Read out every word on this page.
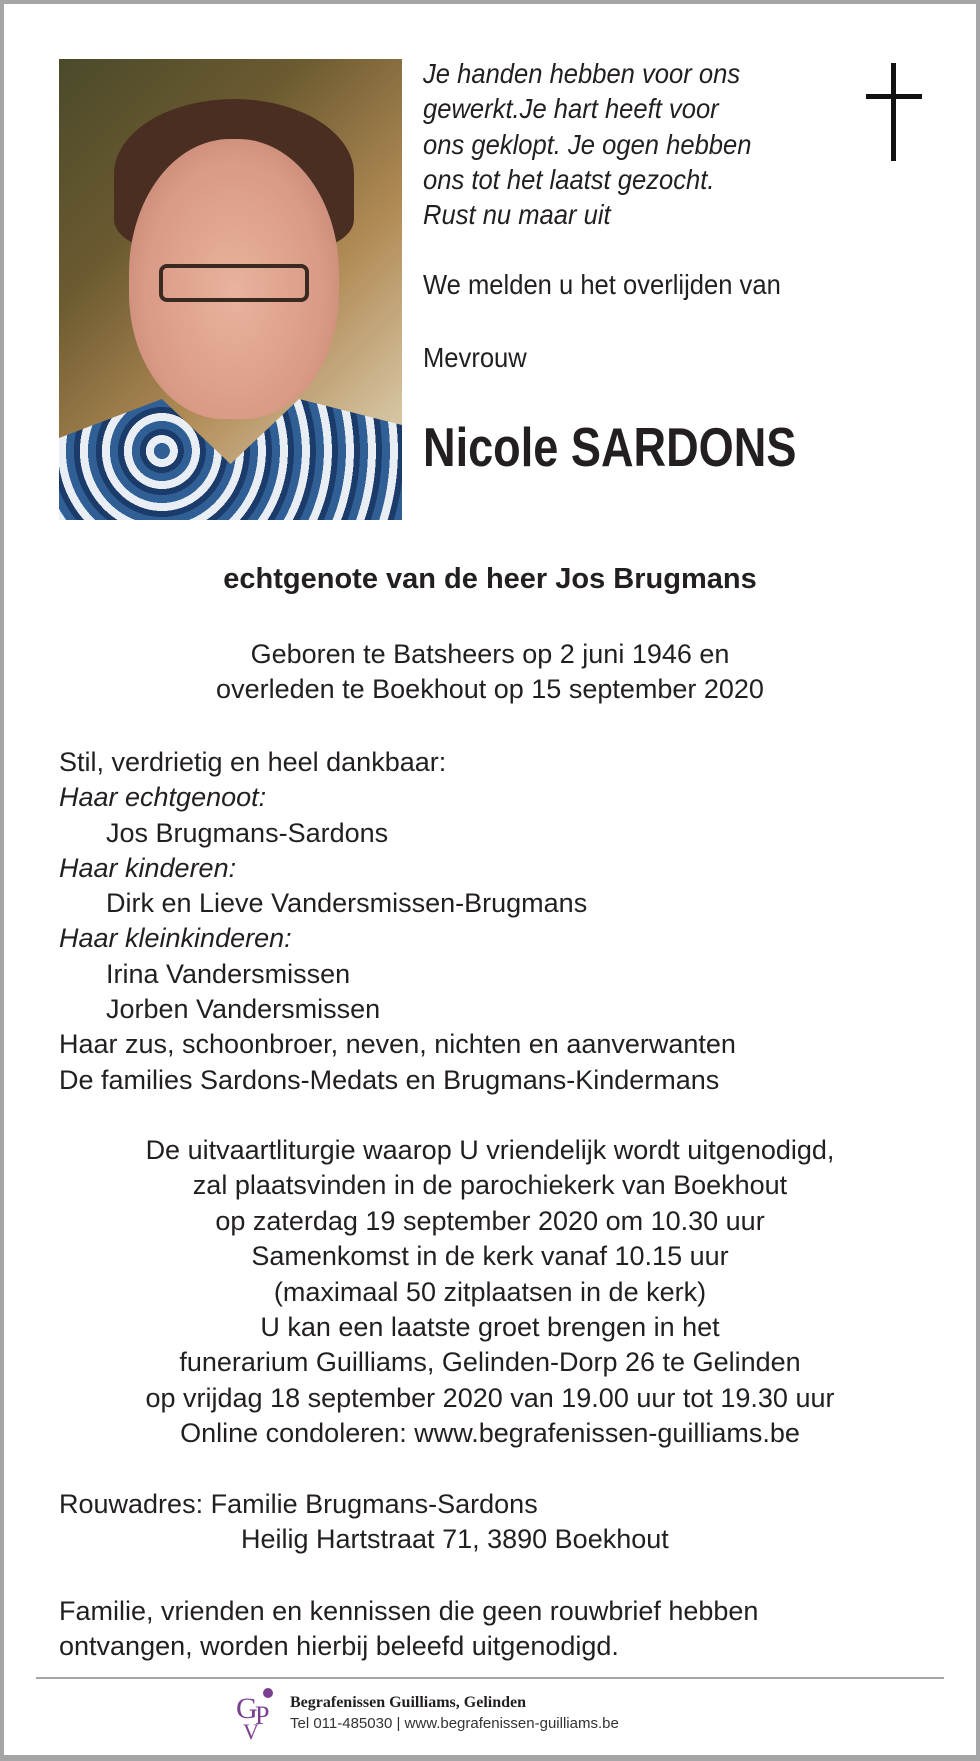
Je handen hebben voor ons
gewerkt.Je hart heeft voor
ons geklopt. Je ogen hebben
ons tot het laatst gezocht.
Rust nu maar uit
We melden u het overlijden van
Mevrouw
Nicole SARDONS
echtgenote van de heer Jos Brugmans
Geboren te Batsheers op 2 juni 1946 en
overleden te Boekhout op 15 september 2020
Stil, verdrietig en heel dankbaar:
Haar echtgenoot:
Jos Brugmans-Sardons
Haar kinderen:
Dirk en Lieve Vandersmissen-Brugmans
Haar kleinkinderen:
Irina Vandersmissen
Jorben Vandersmissen
Haar zus, schoonbroer, neven, nichten en aanverwanten
De families Sardons-Medats en Brugmans-Kindermans
De uitvaartliturgie waarop U vriendelijk wordt uitgenodigd,
zal plaatsvinden in de parochiekerk van Boekhout
op zaterdag 19 september 2020 om 10.30 uur
Samenkomst in de kerk vanaf 10.15 uur
(maximaal 50 zitplaatsen in de kerk)
U kan een laatste groet brengen in het
funerarium Guilliams, Gelinden-Dorp 26 te Gelinden
op vrijdag 18 september 2020 van 19.00 uur tot 19.30 uur
Online condoleren: www.begrafenissen-guilliams.be
Rouwadres: Familie Brugmans-Sardons
Heilig Hartstraat 71, 3890 Boekhout
Familie, vrienden en kennissen die geen rouwbrief hebben
ontvangen, worden hierbij beleefd uitgenodigd.
G
P
V
Begrafenissen Guilliams, Gelinden
Tel 011-485030 | www.begrafenissen-guilliams.be
